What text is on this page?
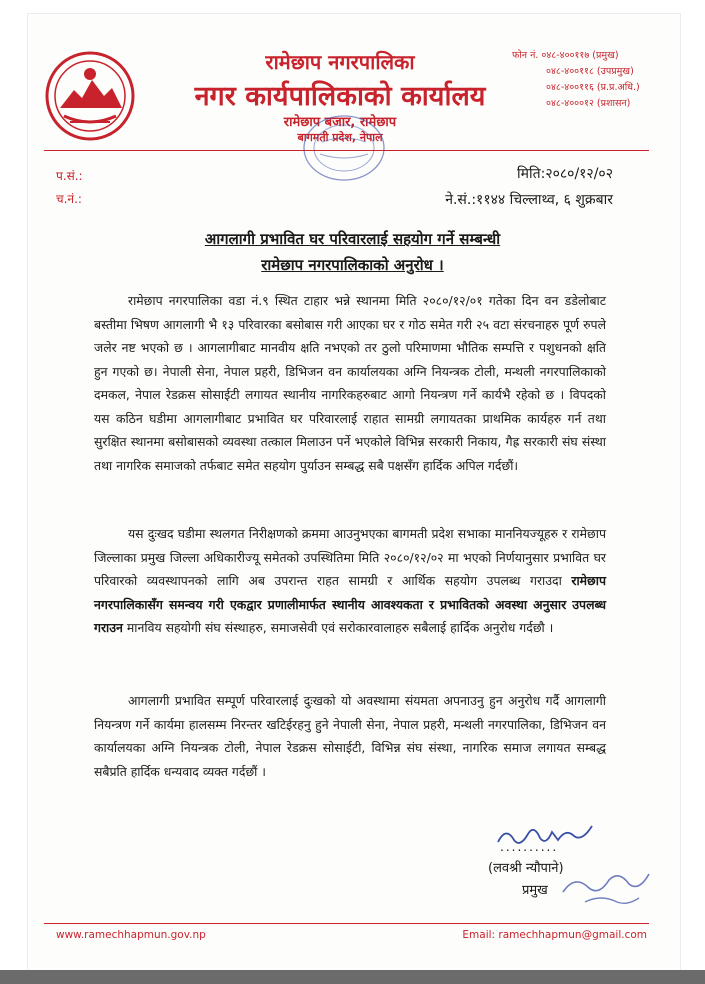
रामेछाप नगरपालिका
नगर कार्यपालिकाको कार्यालय
रामेछाप बजार, रामेछाप
बागमती प्रदेश, नेपाल
फोन नं. ०४८-४००११७ (प्रमुख)
०४८-४००११८ (उपप्रमुख)
०४८-४००११६ (प्र.प्र.अधि.)
०४८-४०००१२ (प्रशासन)
प.सं.:
च.नं.:
मिति:२०८०/१२/०२
ने.सं.:११४४ चिल्लाथ्व, ६ शुक्रबार
आगलागी प्रभावित घर परिवारलाई सहयोग गर्ने सम्बन्धी
रामेछाप नगरपालिकाको अनुरोध ।
रामेछाप नगरपालिका वडा नं.९ स्थित टाहार भन्ने स्थानमा मिति २०८०/१२/०१ गतेका दिन वन डडेलोबाट बस्तीमा भिषण आगलागी भै १३ परिवारका बसोबास गरी आएका घर र गोठ समेत गरी २५ वटा संरचनाहरु पूर्ण रुपले जलेर नष्ट भएको छ । आगलागीबाट मानवीय क्षति नभएको तर ठुलो परिमाणमा भौतिक सम्पत्ति र पशुधनको क्षति हुन गएको छ। नेपाली सेना, नेपाल प्रहरी, डिभिजन वन कार्यालयका अग्नि नियन्त्रक टोली, मन्थली नगरपालिकाको दमकल, नेपाल रेडक्रस सोसाईटी लगायत स्थानीय नागरिकहरुबाट आगो नियन्त्रण गर्ने कार्यभै रहेको छ । विपदको यस कठिन घडीमा आगलागीबाट प्रभावित घर परिवारलाई राहात सामग्री लगायतका प्राथमिक कार्यहरु गर्न तथा सुरक्षित स्थानमा बसोबासको व्यवस्था तत्काल मिलाउन पर्ने भएकोले विभिन्न सरकारी निकाय, गैह्र सरकारी संघ संस्था तथा नागरिक समाजको तर्फबाट समेत सहयोग पुर्याउन सम्बद्ध सबै पक्षसँग हार्दिक अपिल गर्दछौं।
यस दुःखद घडीमा स्थलगत निरीक्षणको क्रममा आउनुभएका बागमती प्रदेश सभाका माननियज्यूहरु र रामेछाप जिल्लाका प्रमुख जिल्ला अधिकारीज्यू समेतको उपस्थितिमा मिति २०८०/१२/०२ मा भएको निर्णयानुसार प्रभावित घर परिवारको व्यवस्थापनको लागि अब उपरान्त राहत सामग्री र आर्थिक सहयोग उपलब्ध गराउदा रामेछाप नगरपालिकासँग समन्वय गरी एकद्वार प्रणालीमार्फत स्थानीय आवश्यकता र प्रभावितको अवस्था अनुसार उपलब्ध गराउन मानविय सहयोगी संघ संस्थाहरु, समाजसेवी एवं सरोकारवालाहरु सबैलाई हार्दिक अनुरोध गर्दछौ ।
आगलागी प्रभावित सम्पूर्ण परिवारलाई दुःखको यो अवस्थामा संयमता अपनाउनु हुन अनुरोध गर्दै आगलागी नियन्त्रण गर्ने कार्यमा हालसम्म निरन्तर खटिईरहनु हुने नेपाली सेना, नेपाल प्रहरी, मन्थली नगरपालिका, डिभिजन वन कार्यालयका अग्नि नियन्त्रक टोली, नेपाल रेडक्रस सोसाईटी, विभिन्न संघ संस्था, नागरिक समाज लगायत सम्बद्ध सबैप्रति हार्दिक धन्यवाद व्यक्त गर्दछौं ।
..........
(लवश्री न्यौपाने)
प्रमुख
www.ramechhapmun.gov.np	Email: ramechhapmun@gmail.com
